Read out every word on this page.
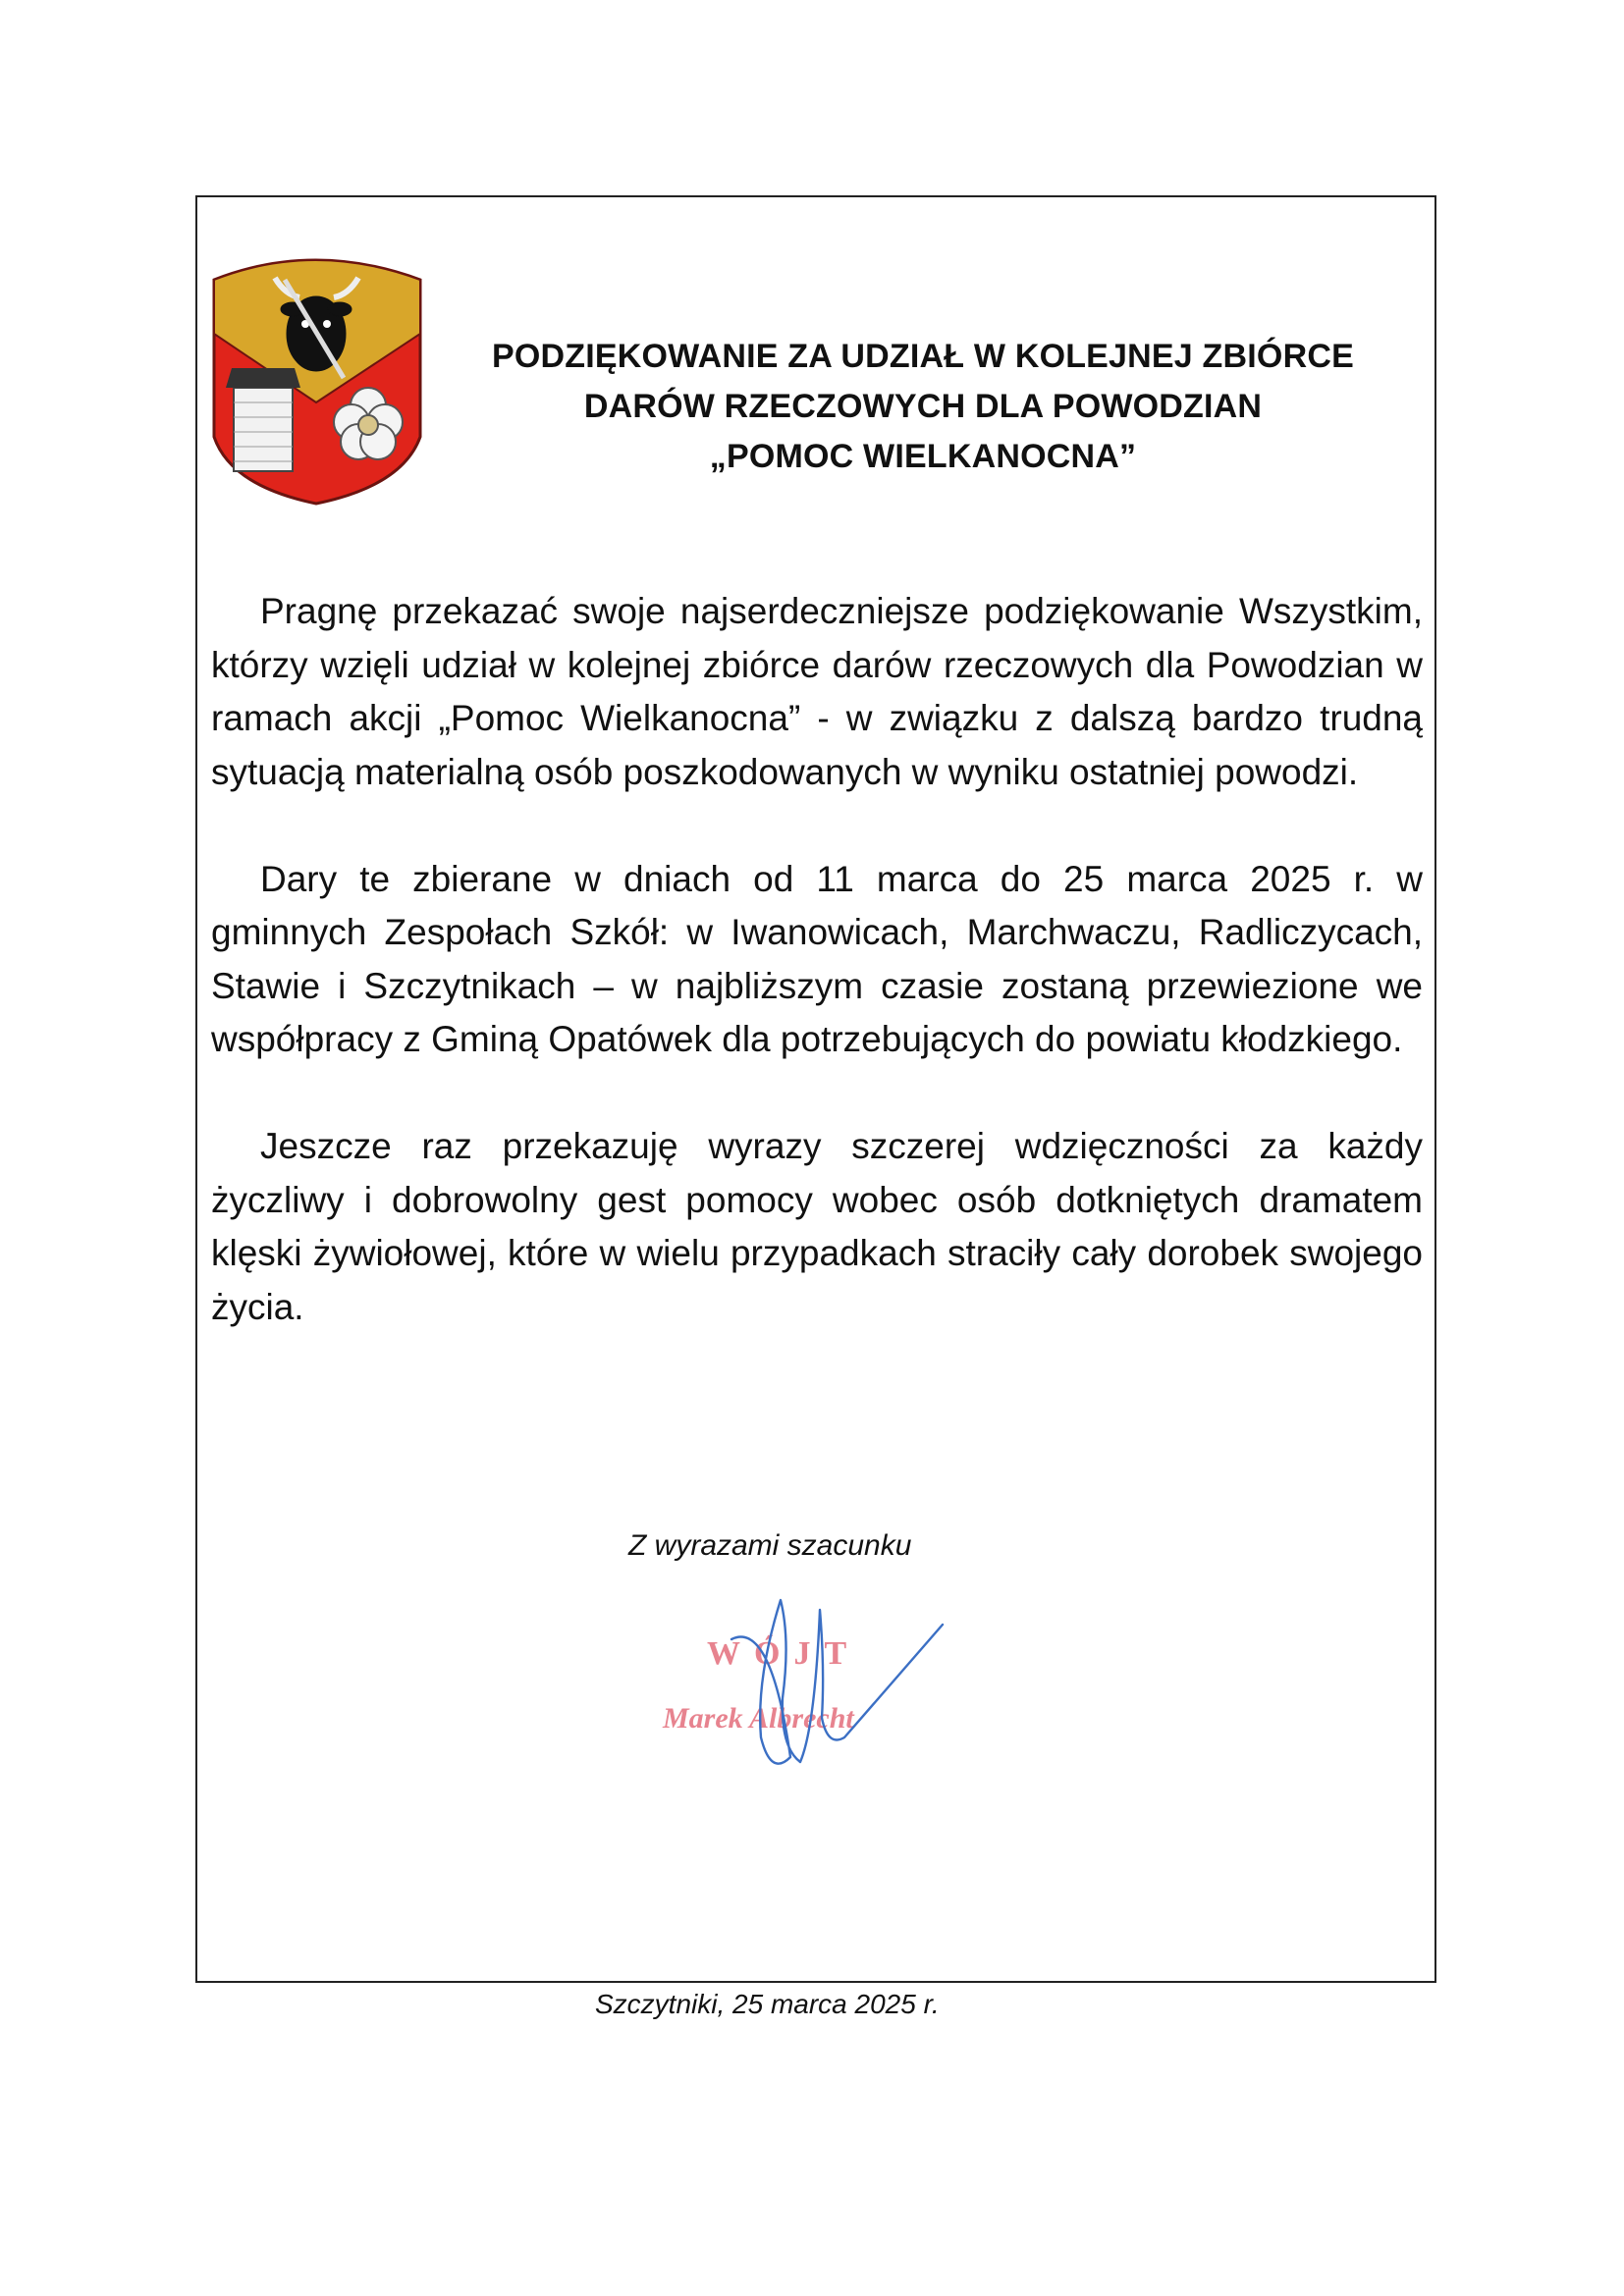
PODZIĘKOWANIE ZA UDZIAŁ W KOLEJNEJ ZBIÓRCE
DARÓW RZECZOWYCH DLA POWODZIAN
„POMOC WIELKANOCNA”

Pragnę przekazać swoje najserdeczniejsze podziękowanie Wszystkim, którzy wzięli udział w kolejnej zbiórce darów rzeczowych dla Powodzian w ramach akcji „Pomoc Wielkanocna” - w związku z dalszą bardzo trudną sytuacją materialną osób poszkodowanych w wyniku ostatniej powodzi.

Dary te zbierane w dniach od 11 marca do 25 marca 2025 r. w gminnych Zespołach Szkół: w Iwanowicach, Marchwaczu, Radliczycach, Stawie i Szczytnikach – w najbliższym czasie zostaną przewiezione we współpracy z Gminą Opatówek dla potrzebujących do powiatu kłodzkiego.

Jeszcze raz przekazuję wyrazy szczerej wdzięczności za każdy życzliwy i dobrowolny gest pomocy wobec osób dotkniętych dramatem klęski żywiołowej, które w wielu przypadkach straciły cały dorobek swojego życia.

Z wyrazami szacunku
WÓJT
Marek Albrecht
Szczytniki, 25 marca 2025 r.
